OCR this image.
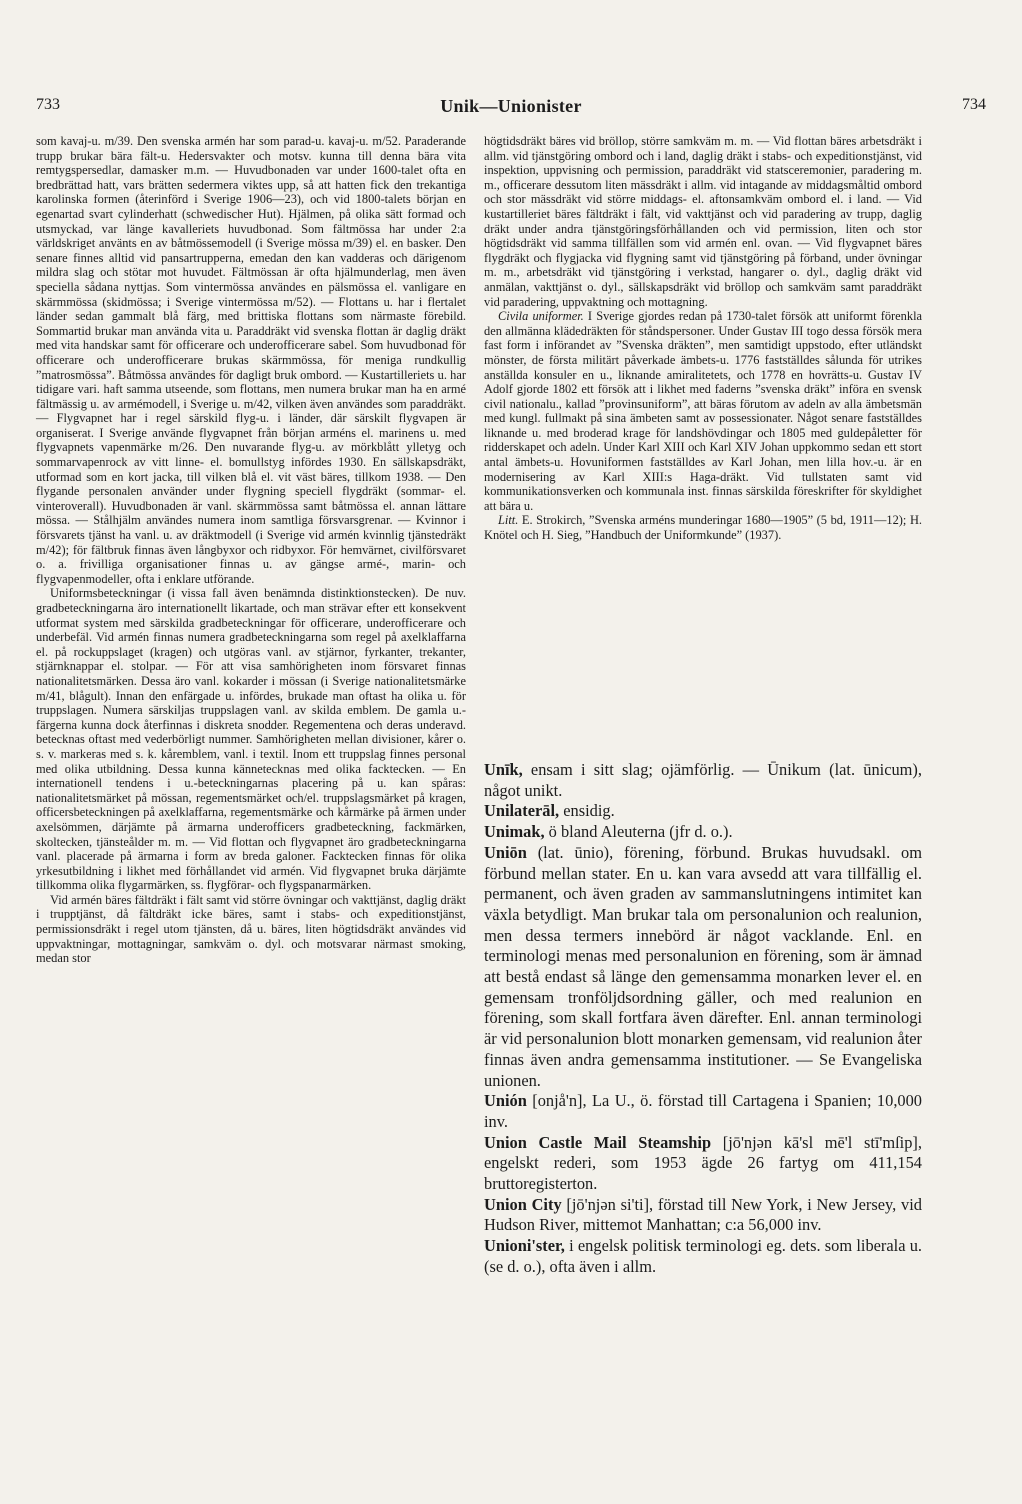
733	Unik—Unionister	734

som kavaj-u. m/39. Den svenska armén har som parad-u. kavaj-u. m/52. Paraderande trupp brukar bära fält-u. Hedersvakter och motsv. kunna till denna bära vita remtygspersedlar, damasker m.m. — Huvudbonaden var under 1600-talet ofta en bredbrättad hatt, vars brätten sedermera viktes upp, så att hatten fick den trekantiga karolinska formen (återinförd i Sverige 1906—23), och vid 1800-talets början en egenartad svart cylinderhatt (schwedischer Hut). Hjälmen, på olika sätt formad och utsmyckad, var länge kavalleriets huvudbonad. Som fältmössa har under 2:a världskriget använts en av båtmössemodell (i Sverige mössa m/39) el. en basker. Den senare finnes alltid vid pansartrupperna, emedan den kan vadderas och därigenom mildra slag och stötar mot huvudet. Fältmössan är ofta hjälmunderlag, men även speciella sådana nyttjas. Som vintermössa användes en pälsmössa el. vanligare en skärmmössa (skidmössa; i Sverige vintermössa m/52). — Flottans u. har i flertalet länder sedan gammalt blå färg, med brittiska flottans som närmaste förebild. Sommartid brukar man använda vita u. Paraddräkt vid svenska flottan är daglig dräkt med vita handskar samt för officerare och underofficerare sabel. Som huvudbonad för officerare och underofficerare brukas skärmmössa, för meniga rundkullig ”matrosmössa”. Båtmössa användes för dagligt bruk ombord. — Kustartilleriets u. har tidigare vari. haft samma utseende, som flottans, men numera brukar man ha en armé fältmässig u. av armémodell, i Sverige u. m/42, vilken även användes som paraddräkt. — Flygvapnet har i regel särskild flyg-u. i länder, där särskilt flygvapen är organiserat. I Sverige använde flygvapnet från början arméns el. marinens u. med flygvapnets vapenmärke m/26. Den nuvarande flyg-u. av mörkblått ylletyg och sommarvapenrock av vitt linne- el. bomullstyg infördes 1930. En sällskapsdräkt, utformad som en kort jacka, till vilken blå el. vit väst bäres, tillkom 1938. — Den flygande personalen använder under flygning speciell flygdräkt (sommar- el. vinteroverall). Huvudbonaden är vanl. skärmmössa samt båtmössa el. annan lättare mössa. — Stålhjälm användes numera inom samtliga försvarsgrenar. — Kvinnor i försvarets tjänst ha vanl. u. av dräktmodell (i Sverige vid armén kvinnlig tjänstedräkt m/42); för fältbruk finnas även långbyxor och ridbyxor. För hemvärnet, civilförsvaret o. a. frivilliga organisationer finnas u. av gängse armé-, marin- och flygvapenmodeller, ofta i enklare utförande.

Uniformsbeteckningar (i vissa fall även benämnda distinktionstecken). De nuv. gradbeteckningarna äro internationellt likartade, och man strävar efter ett konsekvent utformat system med särskilda gradbeteckningar för officerare, underofficerare och underbefäl. Vid armén finnas numera gradbeteckningarna som regel på axelklaffarna el. på rockuppslaget (kragen) och utgöras vanl. av stjärnor, fyrkanter, trekanter, stjärnknappar el. stolpar. — För att visa samhörigheten inom försvaret finnas nationalitetsmärken. Dessa äro vanl. kokarder i mössan (i Sverige nationalitetsmärke m/41, blågult). Innan den enfärgade u. infördes, brukade man oftast ha olika u. för truppslagen. Numera särskiljas truppslagen vanl. av skilda emblem. De gamla u.-färgerna kunna dock återfinnas i diskreta snodder. Regementena och deras underavd. betecknas oftast med vederbörligt nummer. Samhörigheten mellan divisioner, kårer o. s. v. markeras med s. k. kåremblem, vanl. i textil. Inom ett truppslag finnes personal med olika utbildning. Dessa kunna kännetecknas med olika facktecken. — En internationell tendens i u.-beteckningarnas placering på u. kan spåras: nationalitetsmärket på mössan, regementsmärket och/el. truppslagsmärket på kragen, officersbeteckningen på axelklaffarna, regementsmärke och kårmärke på ärmen under axelsömmen, därjämte på ärmarna underofficers gradbeteckning, fackmärken, skoltecken, tjänsteålder m. m. — Vid flottan och flygvapnet äro gradbeteckningarna vanl. placerade på ärmarna i form av breda galoner. Facktecken finnas för olika yrkesutbildning i likhet med förhållandet vid armén. Vid flygvapnet bruka därjämte tillkomma olika flygarmärken, ss. flygförar- och flygspanarmärken.

Vid armén bäres fältdräkt i fält samt vid större övningar och vakttjänst, daglig dräkt i trupptjänst, då fältdräkt icke bäres, samt i stabs- och expeditionstjänst, permissionsdräkt i regel utom tjänsten, då u. bäres, liten högtidsdräkt användes vid uppvaktningar, mottagningar, samkväm o. dyl. och motsvarar närmast smoking, medan stor

högtidsdräkt bäres vid bröllop, större samkväm m. m. — Vid flottan bäres arbetsdräkt i allm. vid tjänstgöring ombord och i land, daglig dräkt i stabs- och expeditionstjänst, vid inspektion, uppvisning och permission, paraddräkt vid statsceremonier, paradering m. m., officerare dessutom liten mässdräkt i allm. vid intagande av middagsmåltid ombord och stor mässdräkt vid större middags- el. aftonsamkväm ombord el. i land. — Vid kustartilleriet bäres fältdräkt i fält, vid vakttjänst och vid paradering av trupp, daglig dräkt under andra tjänstgöringsförhållanden och vid permission, liten och stor högtidsdräkt vid samma tillfällen som vid armén enl. ovan. — Vid flygvapnet bäres flygdräkt och flygjacka vid flygning samt vid tjänstgöring på förband, under övningar m. m., arbetsdräkt vid tjänstgöring i verkstad, hangarer o. dyl., daglig dräkt vid anmälan, vakttjänst o. dyl., sällskapsdräkt vid bröllop och samkväm samt paraddräkt vid paradering, uppvaktning och mottagning.

Civila uniformer. I Sverige gjordes redan på 1730-talet försök att uniformt förenkla den allmänna klädedräkten för ståndspersoner. Under Gustav III togo dessa försök mera fast form i införandet av ”Svenska dräkten”, men samtidigt uppstodo, efter utländskt mönster, de första militärt påverkade ämbets-u. 1776 fastställdes sålunda för utrikes anställda konsuler en u., liknande amiralitetets, och 1778 en hovrätts-u. Gustav IV Adolf gjorde 1802 ett försök att i likhet med faderns ”svenska dräkt” införa en svensk civil nationalu., kallad ”provinsuniform”, att bäras förutom av adeln av alla ämbetsmän med kungl. fullmakt på sina ämbeten samt av possessionater. Något senare fastställdes liknande u. med broderad krage för landshövdingar och 1805 med guldepåletter för ridderskapet och adeln. Under Karl XIII och Karl XIV Johan uppkommo sedan ett stort antal ämbets-u. Hovuniformen fastställdes av Karl Johan, men lilla hov.-u. är en modernisering av Karl XIII:s Haga-dräkt. Vid tullstaten samt vid kommunikationsverken och kommunala inst. finnas särskilda föreskrifter för skyldighet att bära u.

Litt. E. Strokirch, ”Svenska arméns munderingar 1680—1905” (5 bd, 1911—12); H. Knötel och H. Sieg, ”Handbuch der Uniformkunde” (1937).

Unīk, ensam i sitt slag; ojämförlig. — Ūnikum (lat. ūnicum), något unikt.

Unilaterāl, ensidig.

Unimak, ö bland Aleuterna (jfr d. o.).

Uniōn (lat. ūnio), förening, förbund. Brukas huvudsakl. om förbund mellan stater. En u. kan vara avsedd att vara tillfällig el. permanent, och även graden av sammanslutningens intimitet kan växla betydligt. Man brukar tala om personalunion och realunion, men dessa termers innebörd är något vacklande. Enl. en terminologi menas med personalunion en förening, som är ämnad att bestå endast så länge den gemensamma monarken lever el. en gemensam tronföljdsordning gäller, och med realunion en förening, som skall fortfara även därefter. Enl. annan terminologi är vid personalunion blott monarken gemensam, vid realunion åter finnas även andra gemensamma institutioner. — Se Evangeliska unionen.

Unión [onjå'n], La U., ö. förstad till Cartagena i Spanien; 10,000 inv.

Union Castle Mail Steamship [jō'njən kā'sl mē'l stī'mſip], engelskt rederi, som 1953 ägde 26 fartyg om 411,154 bruttoregisterton.

Union City [jō'njən si'ti], förstad till New York, i New Jersey, vid Hudson River, mittemot Manhattan; c:a 56,000 inv.

Unioni'ster, i engelsk politisk terminologi eg. dets. som liberala u. (se d. o.), ofta även i allm.
